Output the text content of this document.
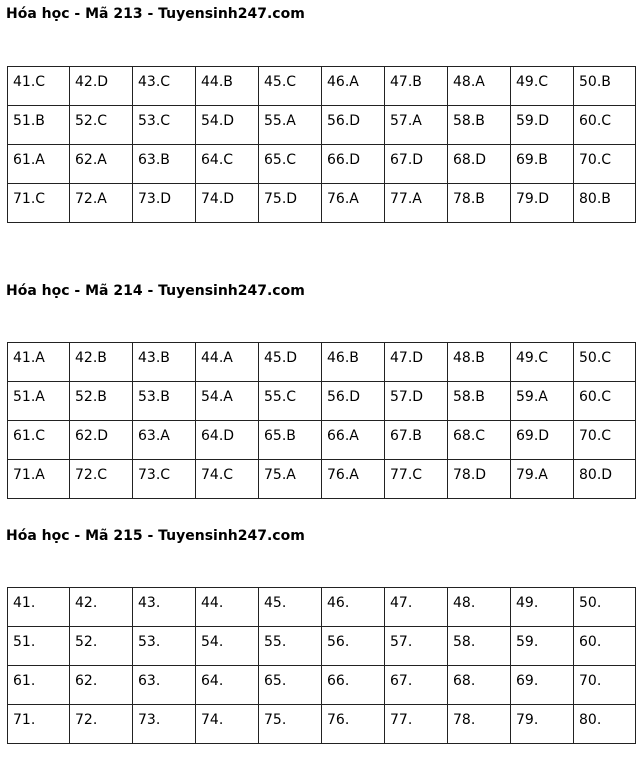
Hóa học - Mã 213 - Tuyensinh247.com
41.C	42.D	43.C	44.B	45.C	46.A	47.B	48.A	49.C	50.B
51.B	52.C	53.C	54.D	55.A	56.D	57.A	58.B	59.D	60.C
61.A	62.A	63.B	64.C	65.C	66.D	67.D	68.D	69.B	70.C
71.C	72.A	73.D	74.D	75.D	76.A	77.A	78.B	79.D	80.B
Hóa học - Mã 214 - Tuyensinh247.com
41.A	42.B	43.B	44.A	45.D	46.B	47.D	48.B	49.C	50.C
51.A	52.B	53.B	54.A	55.C	56.D	57.D	58.B	59.A	60.C
61.C	62.D	63.A	64.D	65.B	66.A	67.B	68.C	69.D	70.C
71.A	72.C	73.C	74.C	75.A	76.A	77.C	78.D	79.A	80.D
Hóa học - Mã 215 - Tuyensinh247.com
41.	42.	43.	44.	45.	46.	47.	48.	49.	50.
51.	52.	53.	54.	55.	56.	57.	58.	59.	60.
61.	62.	63.	64.	65.	66.	67.	68.	69.	70.
71.	72.	73.	74.	75.	76.	77.	78.	79.	80.
